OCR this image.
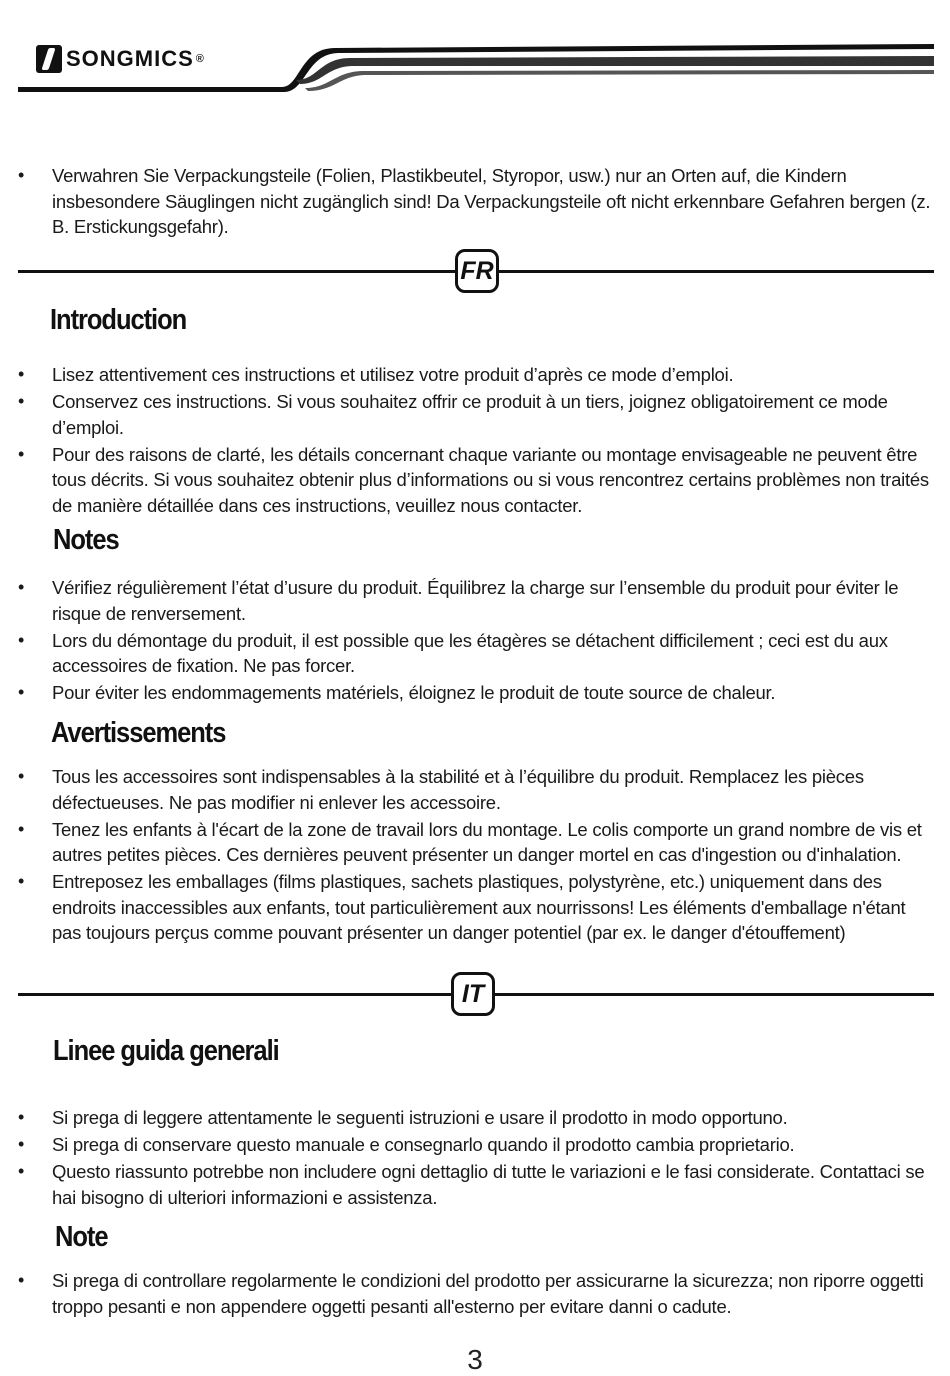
SONGMICS ®
• Verwahren Sie Verpackungsteile (Folien, Plastikbeutel, Styropor, usw.) nur an Orten auf, die Kindern insbesondere Säuglingen nicht zugänglich sind! Da Verpackungsteile oft nicht erkennbare Gefahren bergen (z. B. Erstickungsgefahr).
FR
Introduction
• Lisez attentivement ces instructions et utilisez votre produit d’après ce mode d’emploi.
• Conservez ces instructions. Si vous souhaitez offrir ce produit à un tiers, joignez obligatoirement ce mode d’emploi.
• Pour des raisons de clarté, les détails concernant chaque variante ou montage envisageable ne peuvent être tous décrits. Si vous souhaitez obtenir plus d’informations ou si vous rencontrez certains problèmes non traités de manière détaillée dans ces instructions, veuillez nous contacter.
Notes
• Vérifiez régulièrement l’état d’usure du produit. Équilibrez la charge sur l’ensemble du produit pour éviter le risque de renversement.
• Lors du démontage du produit, il est possible que les étagères se détachent difficilement ; ceci est du aux accessoires de fixation. Ne pas forcer.
• Pour éviter les endommagements matériels, éloignez le produit de toute source de chaleur.
Avertissements
• Tous les accessoires sont indispensables à la stabilité et à l’équilibre du produit. Remplacez les pièces défectueuses. Ne pas modifier ni enlever les accessoire.
• Tenez les enfants à l'écart de la zone de travail lors du montage. Le colis comporte un grand nombre de vis et autres petites pièces. Ces dernières peuvent présenter un danger mortel en cas d'ingestion ou d'inhalation.
• Entreposez les emballages (films plastiques, sachets plastiques, polystyrène, etc.) uniquement dans des endroits inaccessibles aux enfants, tout particulièrement aux nourrissons! Les éléments d'emballage n'étant pas toujours perçus comme pouvant présenter un danger potentiel (par ex. le danger d'étouffement)
IT
Linee guida generali
• Si prega di leggere attentamente le seguenti istruzioni e usare il prodotto in modo opportuno.
• Si prega di conservare questo manuale e consegnarlo quando il prodotto cambia proprietario.
• Questo riassunto potrebbe non includere ogni dettaglio di tutte le variazioni e le fasi considerate. Contattaci se hai bisogno di ulteriori informazioni e assistenza.
Note
• Si prega di controllare regolarmente le condizioni del prodotto per assicurarne la sicurezza; non riporre oggetti troppo pesanti e non appendere oggetti pesanti all'esterno per evitare danni o cadute.
3
